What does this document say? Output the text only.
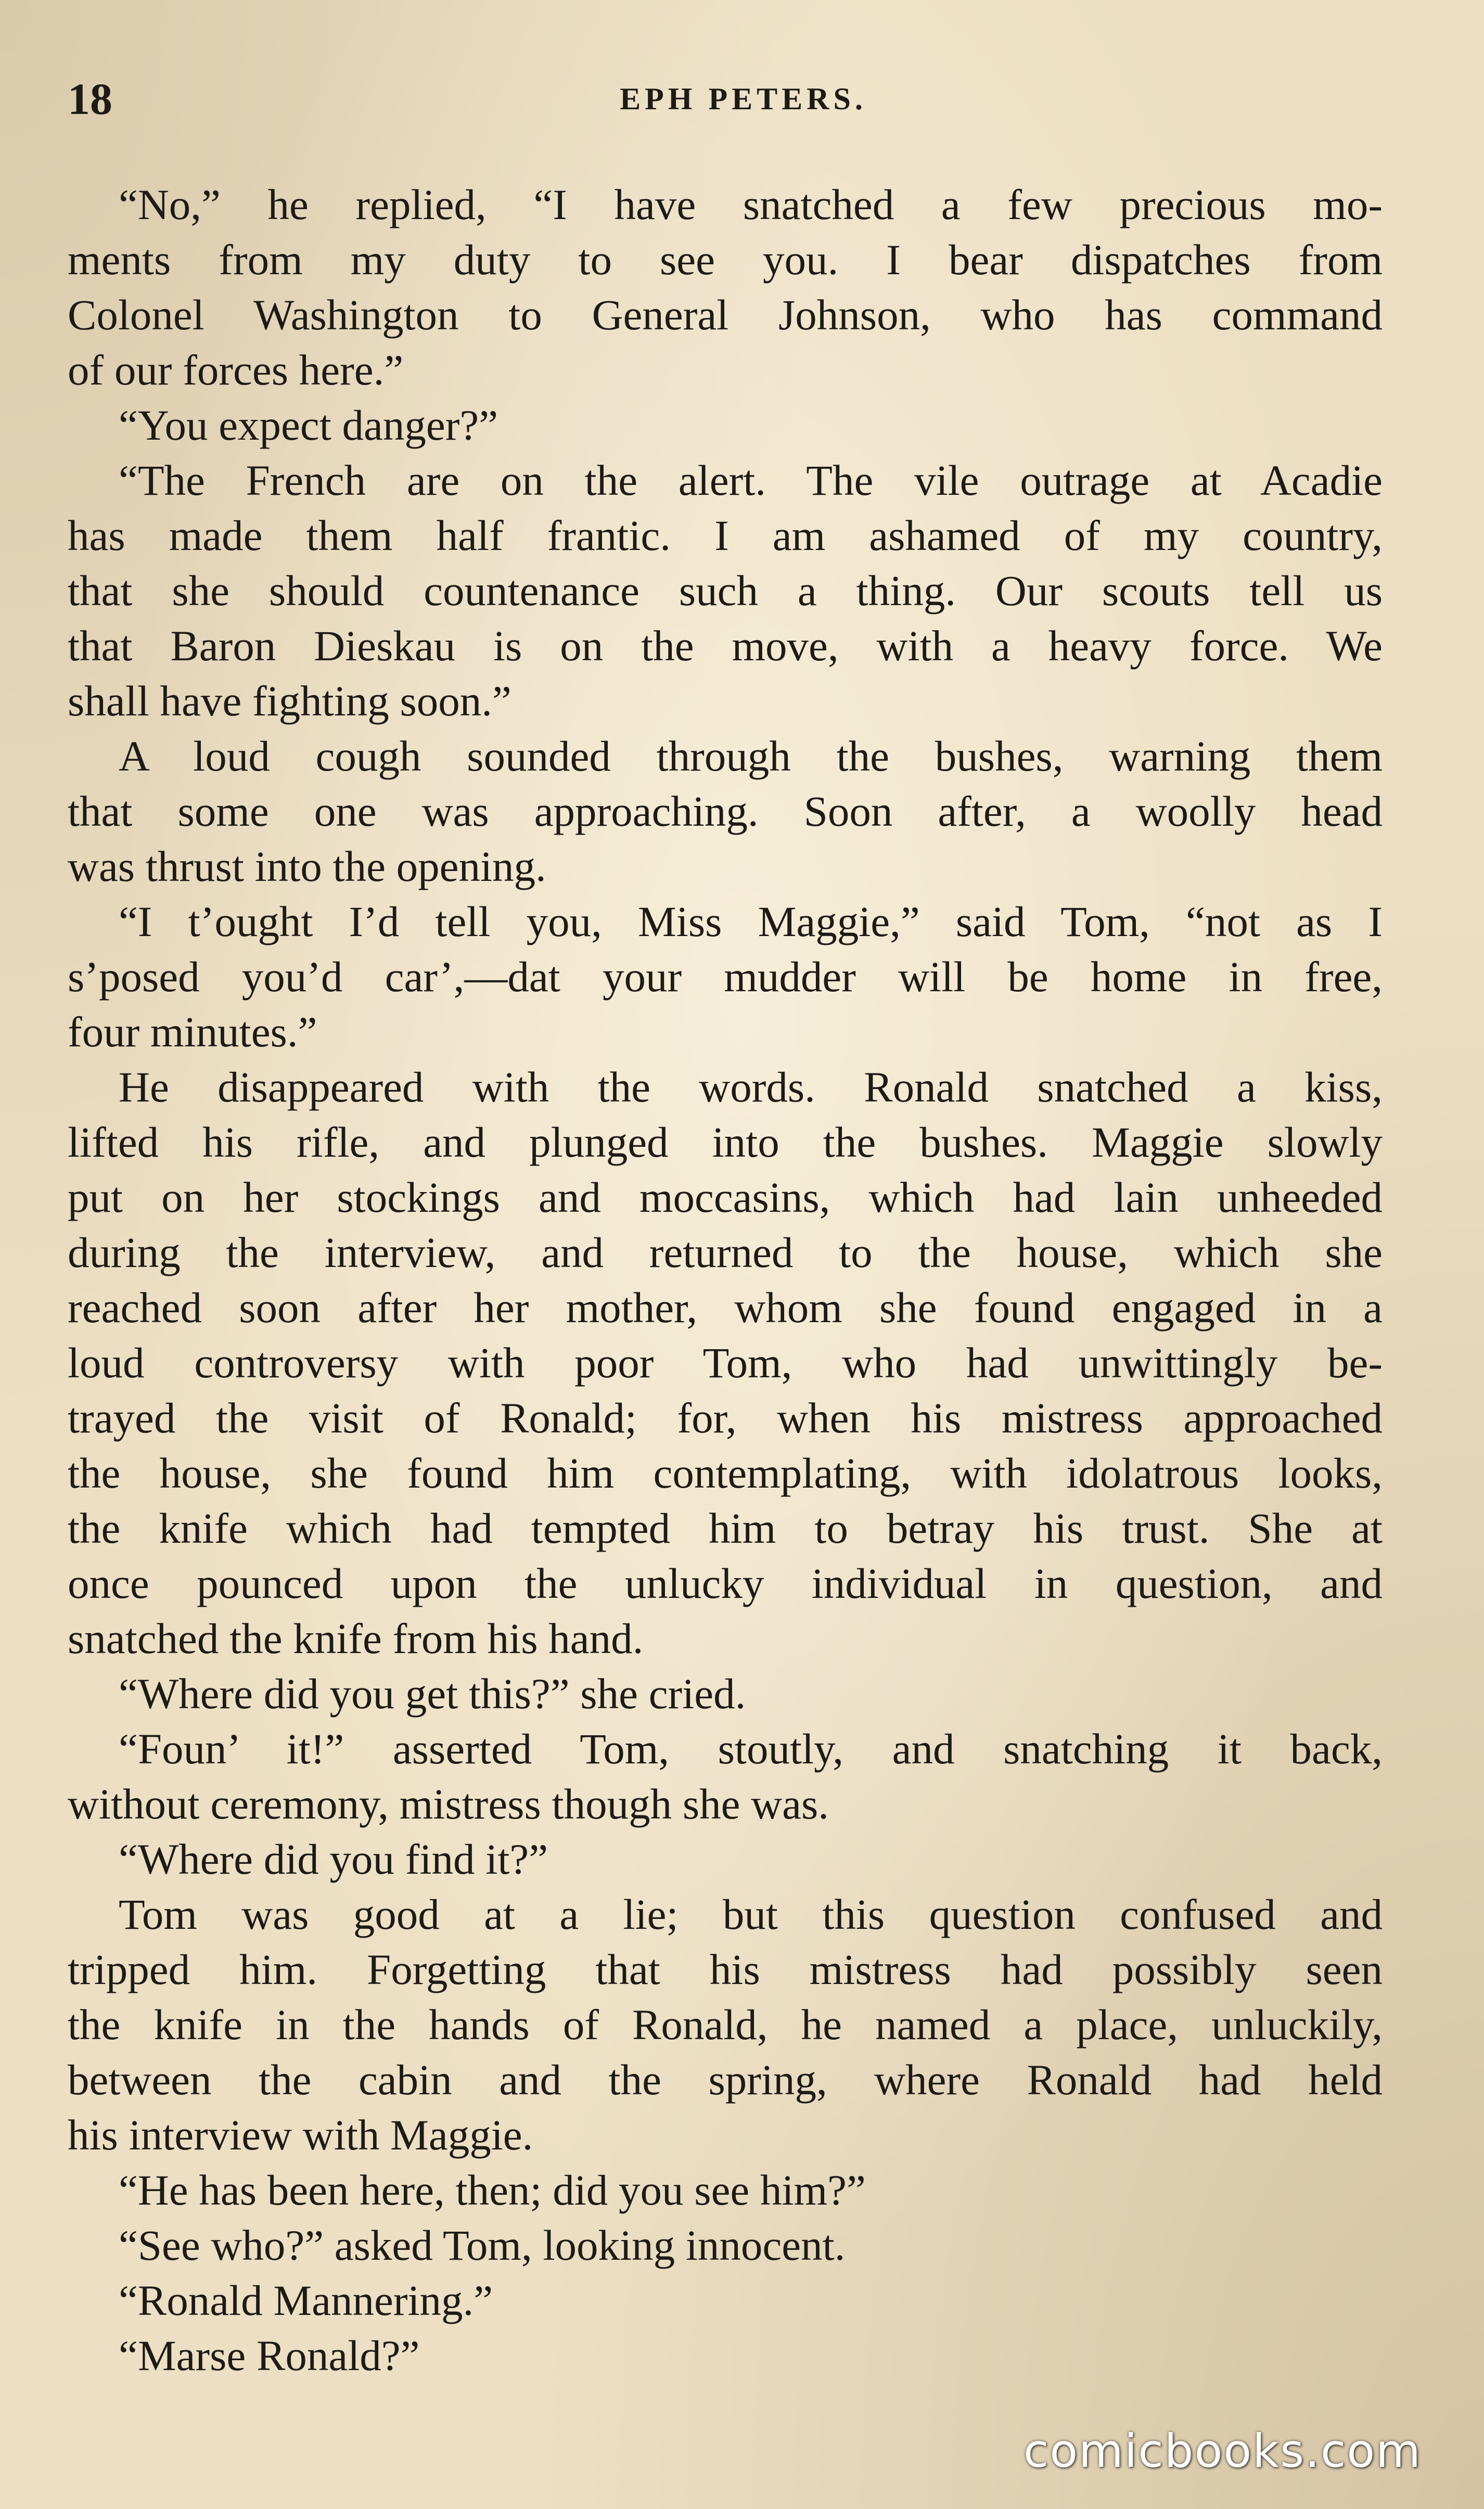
18	EPH PETERS.
“No,” he replied, “I have snatched a few precious mo-
ments from my duty to see you. I bear dispatches from
Colonel Washington to General Johnson, who has command
of our forces here.”
“You expect danger?”
“The French are on the alert. The vile outrage at Acadie
has made them half frantic. I am ashamed of my country,
that she should countenance such a thing. Our scouts tell us
that Baron Dieskau is on the move, with a heavy force. We
shall have fighting soon.”
A loud cough sounded through the bushes, warning them
that some one was approaching. Soon after, a woolly head
was thrust into the opening.
“I t’ought I’d tell you, Miss Maggie,” said Tom, “not as I
s’posed you’d car’,—dat your mudder will be home in free,
four minutes.”
He disappeared with the words. Ronald snatched a kiss,
lifted his rifle, and plunged into the bushes. Maggie slowly
put on her stockings and moccasins, which had lain unheeded
during the interview, and returned to the house, which she
reached soon after her mother, whom she found engaged in a
loud controversy with poor Tom, who had unwittingly be-
trayed the visit of Ronald; for, when his mistress approached
the house, she found him contemplating, with idolatrous looks,
the knife which had tempted him to betray his trust. She at
once pounced upon the unlucky individual in question, and
snatched the knife from his hand.
“Where did you get this?” she cried.
“Foun’ it!” asserted Tom, stoutly, and snatching it back,
without ceremony, mistress though she was.
“Where did you find it?”
Tom was good at a lie; but this question confused and
tripped him. Forgetting that his mistress had possibly seen
the knife in the hands of Ronald, he named a place, unluckily,
between the cabin and the spring, where Ronald had held
his interview with Maggie.
“He has been here, then; did you see him?”
“See who?” asked Tom, looking innocent.
“Ronald Mannering.”
“Marse Ronald?”
comicbooks.com
